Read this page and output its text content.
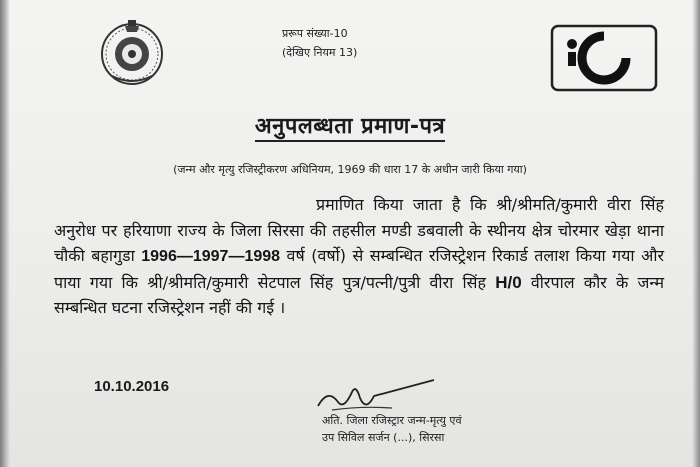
प्ररूप संख्या-10
(देखिए नियम 13)
अनुपलब्धता प्रमाण-पत्र
(जन्म और मृत्यु रजिस्ट्रीकरण अधिनियम, 1969 की धारा 17 के अधीन जारी किया गया)
प्रमाणित किया जाता है कि श्री/श्रीमति/कुमारी वीरा सिंह अनुरोध पर हरियाणा राज्य के जिला सिरसा की तहसील मण्डी डबवाली के स्थीनय क्षेत्र चोरमार खेड़ा थाना चौकी बहागुडा 1996—1997—1998 वर्ष (वर्षो) से सम्बन्धित रजिस्ट्रेशन रिकार्ड तलाश किया गया और पाया गया कि श्री/श्रीमति/कुमारी सेटपाल सिंह पुत्र/पत्नी/पुत्री वीरा सिंह H/0 वीरपाल कौर के जन्म सम्बन्धित घटना रजिस्ट्रेशन नहीं की गई ।
10.10.2016
अति. जिला रजिस्ट्रार जन्म-मृत्यु एवं
उप सिविल सर्जन (...), सिरसा
